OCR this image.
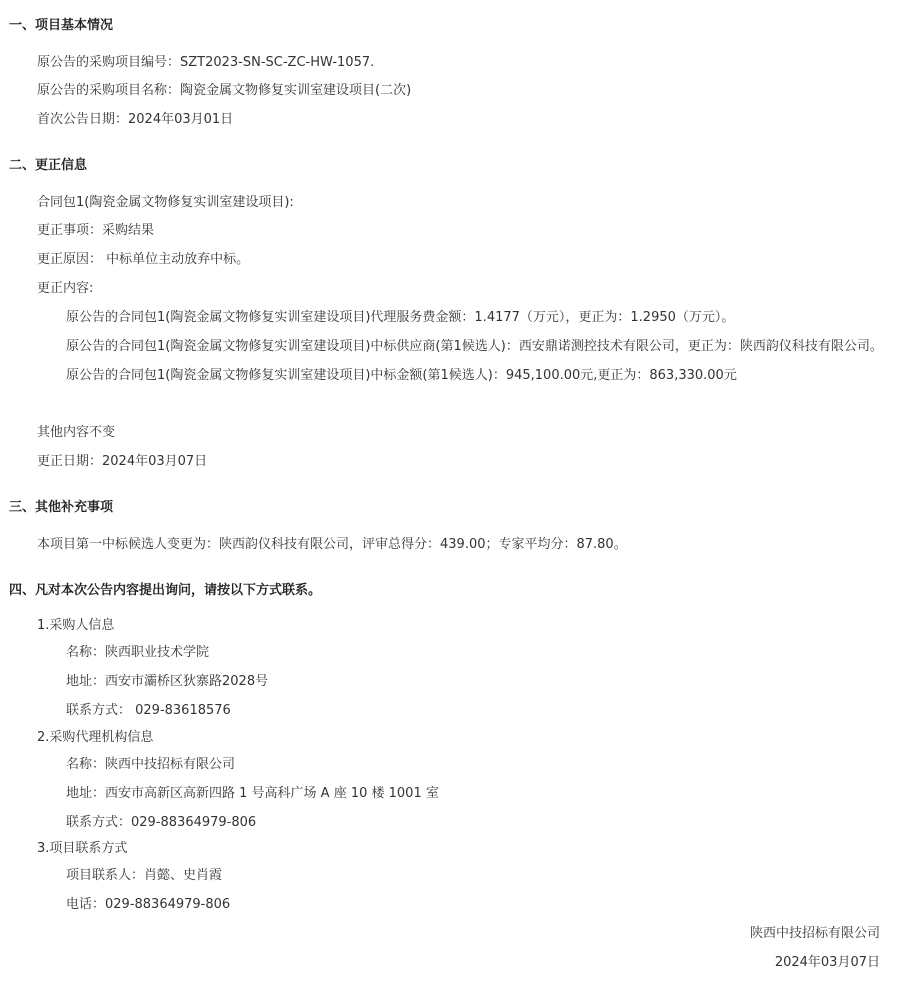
一、项目基本情况
原公告的采购项目编号：SZT2023-SN-SC-ZC-HW-1057.
原公告的采购项目名称：陶瓷金属文物修复实训室建设项目(二次)
首次公告日期：2024年03月01日
二、更正信息
合同包1(陶瓷金属文物修复实训室建设项目):
更正事项：采购结果
更正原因： 中标单位主动放弃中标。
更正内容:
原公告的合同包1(陶瓷金属文物修复实训室建设项目)代理服务费金额：1.4177（万元），更正为：1.2950（万元）。
原公告的合同包1(陶瓷金属文物修复实训室建设项目)中标供应商(第1候选人)：西安鼎诺测控技术有限公司，更正为：陕西韵仪科技有限公司。
原公告的合同包1(陶瓷金属文物修复实训室建设项目)中标金额(第1候选人)：945,100.00元,更正为：863,330.00元
其他内容不变
更正日期：2024年03月07日
三、其他补充事项
本项目第一中标候选人变更为：陕西韵仪科技有限公司，评审总得分：439.00；专家平均分：87.80。
四、凡对本次公告内容提出询问，请按以下方式联系。
1.采购人信息
名称：陕西职业技术学院
地址：西安市灞桥区狄寨路2028号
联系方式： 029-83618576
2.采购代理机构信息
名称：陕西中技招标有限公司
地址：西安市高新区高新四路 1 号高科广场 A 座 10 楼 1001 室
联系方式：029-88364979-806
3.项目联系方式
项目联系人：肖懿、史肖霞
电话：029-88364979-806
陕西中技招标有限公司
2024年03月07日
